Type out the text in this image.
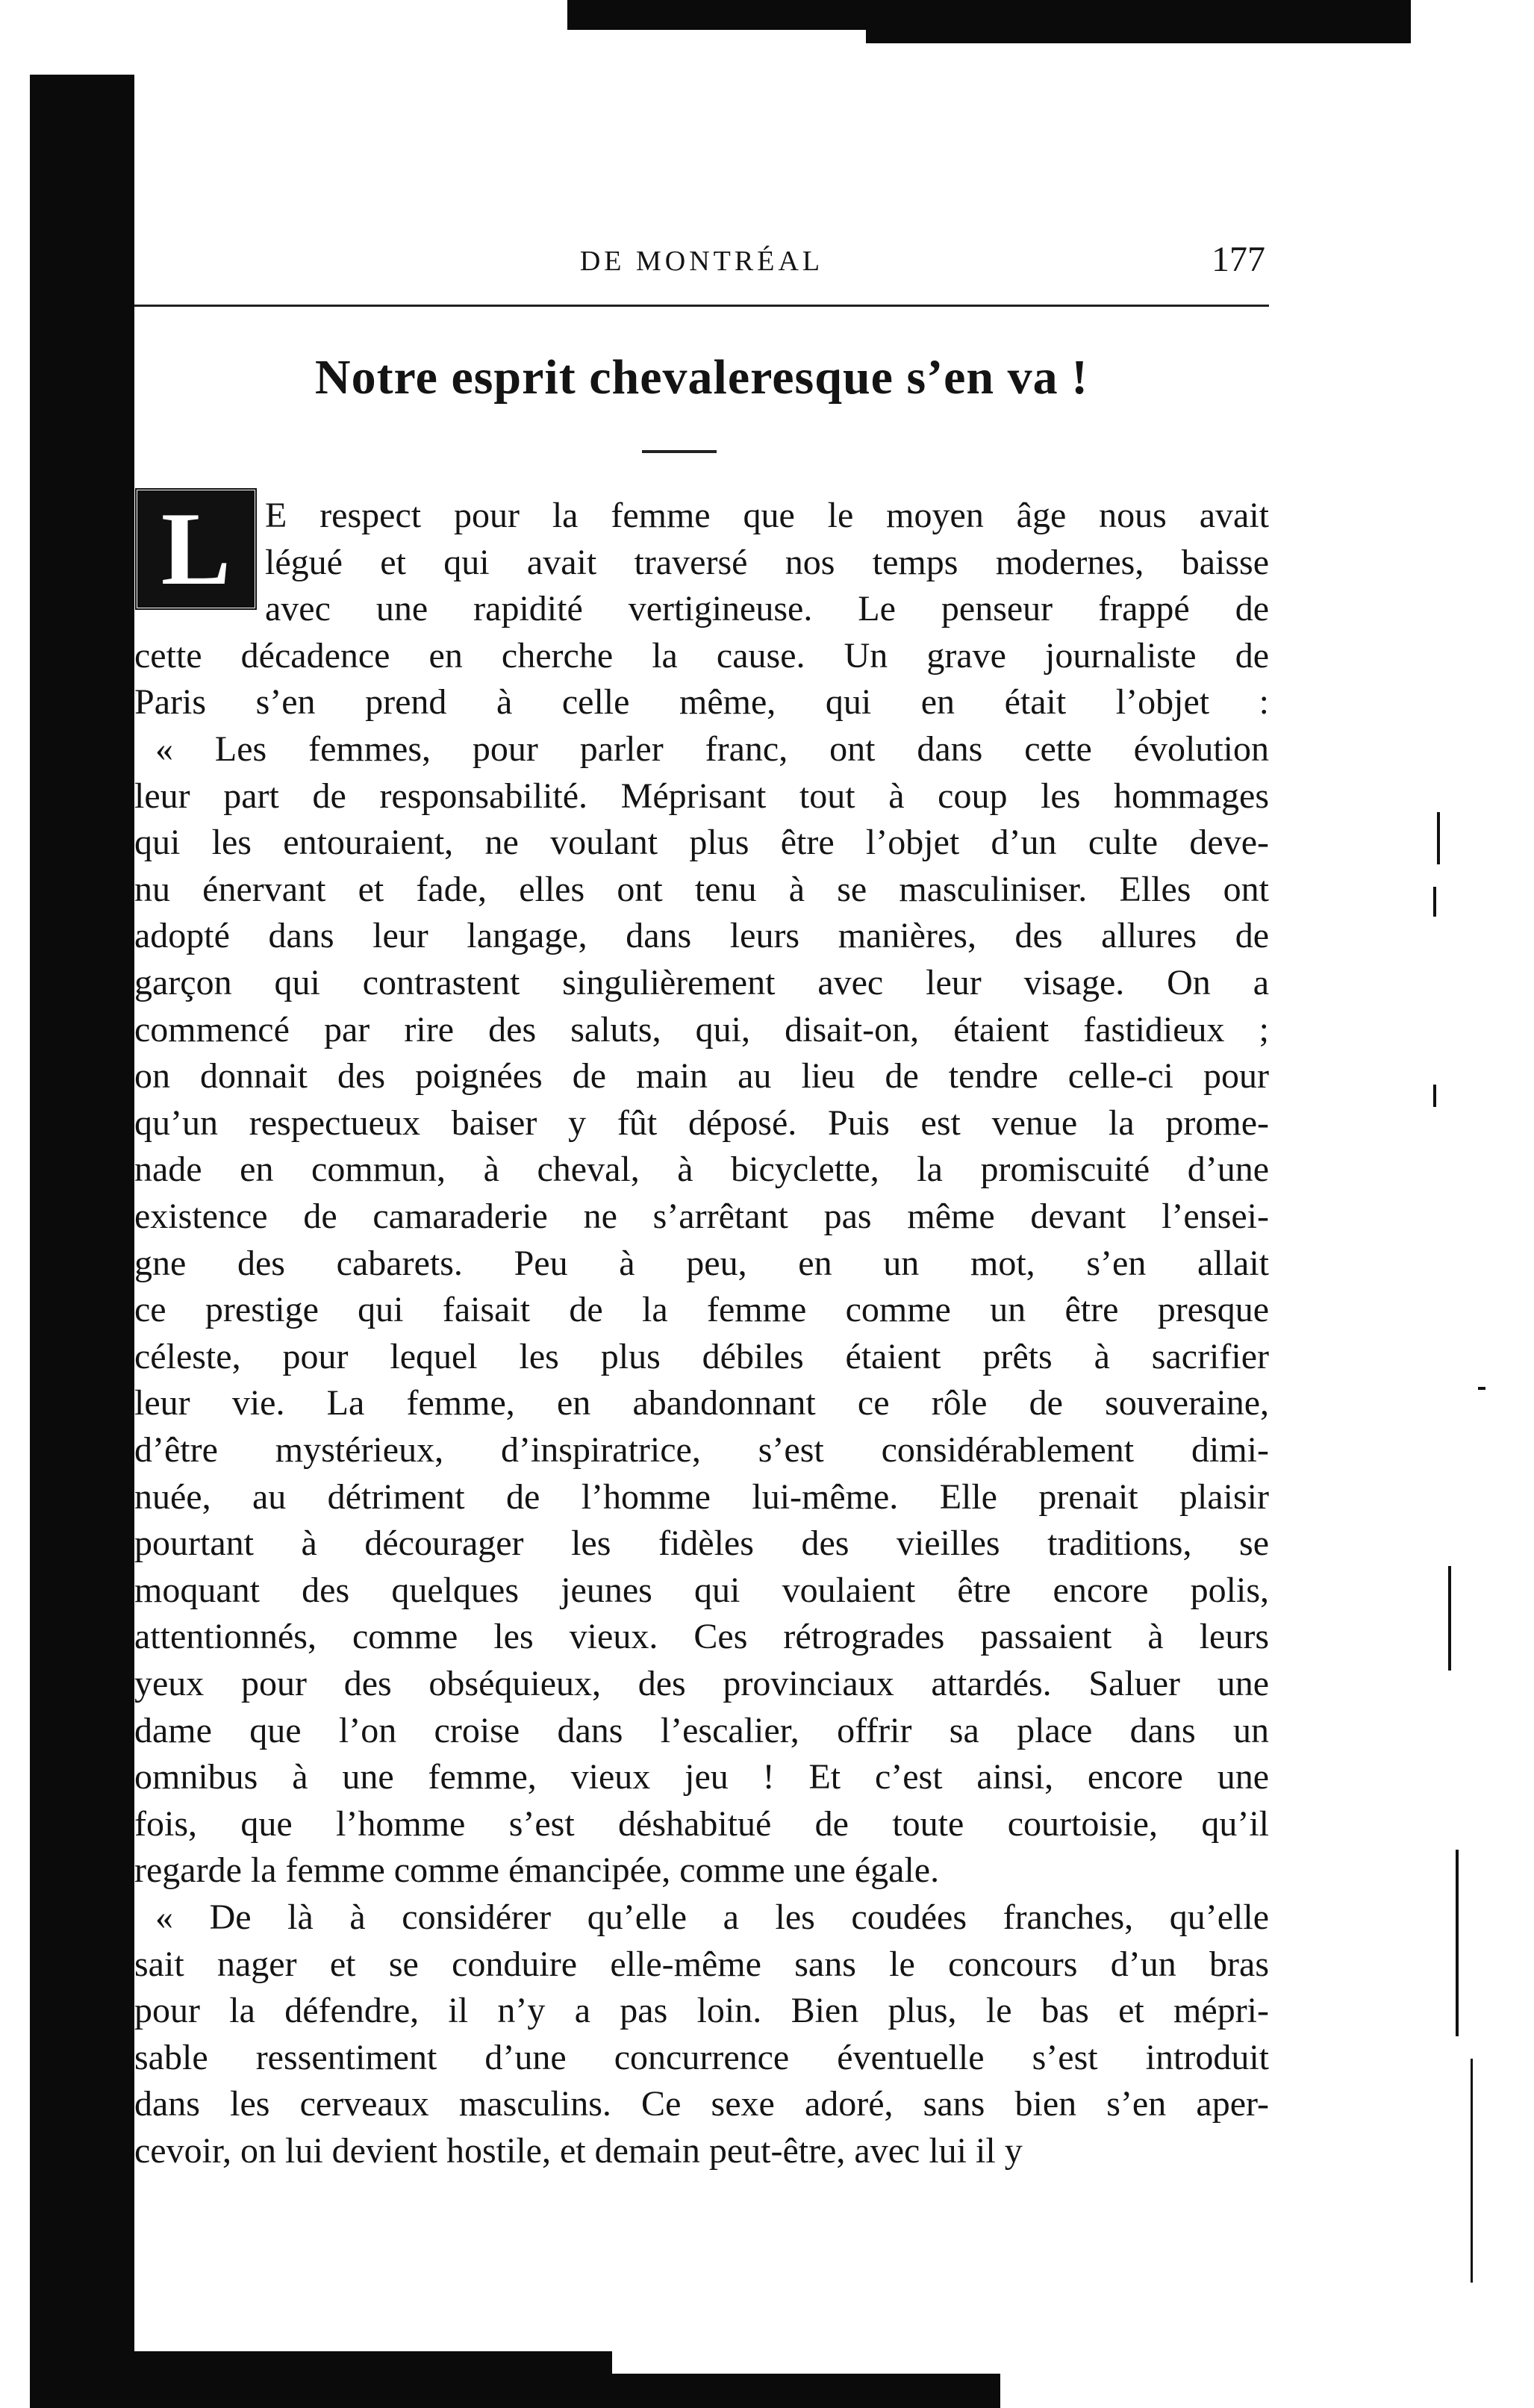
DE MONTRÉAL	177
Notre esprit chevaleresque s’en va !
L E respect pour la femme que le moyen âge nous avait
légué et qui avait traversé nos temps modernes, baisse
avec une rapidité vertigineuse. Le penseur frappé de
cette décadence en cherche la cause. Un grave journaliste de
Paris s’en prend à celle même, qui en était l’objet :
« Les femmes, pour parler franc, ont dans cette évolution
leur part de responsabilité. Méprisant tout à coup les hommages
qui les entouraient, ne voulant plus être l’objet d’un culte deve-
nu énervant et fade, elles ont tenu à se masculiniser. Elles ont
adopté dans leur langage, dans leurs manières, des allures de
garçon qui contrastent singulièrement avec leur visage. On a
commencé par rire des saluts, qui, disait-on, étaient fastidieux ;
on donnait des poignées de main au lieu de tendre celle-ci pour
qu’un respectueux baiser y fût déposé. Puis est venue la prome-
nade en commun, à cheval, à bicyclette, la promiscuité d’une
existence de camaraderie ne s’arrêtant pas même devant l’ensei-
gne des cabarets. Peu à peu, en un mot, s’en allait
ce prestige qui faisait de la femme comme un être presque
céleste, pour lequel les plus débiles étaient prêts à sacrifier
leur vie. La femme, en abandonnant ce rôle de souveraine,
d’être mystérieux, d’inspiratrice, s’est considérablement dimi-
nuée, au détriment de l’homme lui-même. Elle prenait plaisir
pourtant à décourager les fidèles des vieilles traditions, se
moquant des quelques jeunes qui voulaient être encore polis,
attentionnés, comme les vieux. Ces rétrogrades passaient à leurs
yeux pour des obséquieux, des provinciaux attardés. Saluer une
dame que l’on croise dans l’escalier, offrir sa place dans un
omnibus à une femme, vieux jeu ! Et c’est ainsi, encore une
fois, que l’homme s’est déshabitué de toute courtoisie, qu’il
regarde la femme comme émancipée, comme une égale.
« De là à considérer qu’elle a les coudées franches, qu’elle
sait nager et se conduire elle-même sans le concours d’un bras
pour la défendre, il n’y a pas loin. Bien plus, le bas et mépri-
sable ressentiment d’une concurrence éventuelle s’est introduit
dans les cerveaux masculins. Ce sexe adoré, sans bien s’en aper-
cevoir, on lui devient hostile, et demain peut-être, avec lui il y
